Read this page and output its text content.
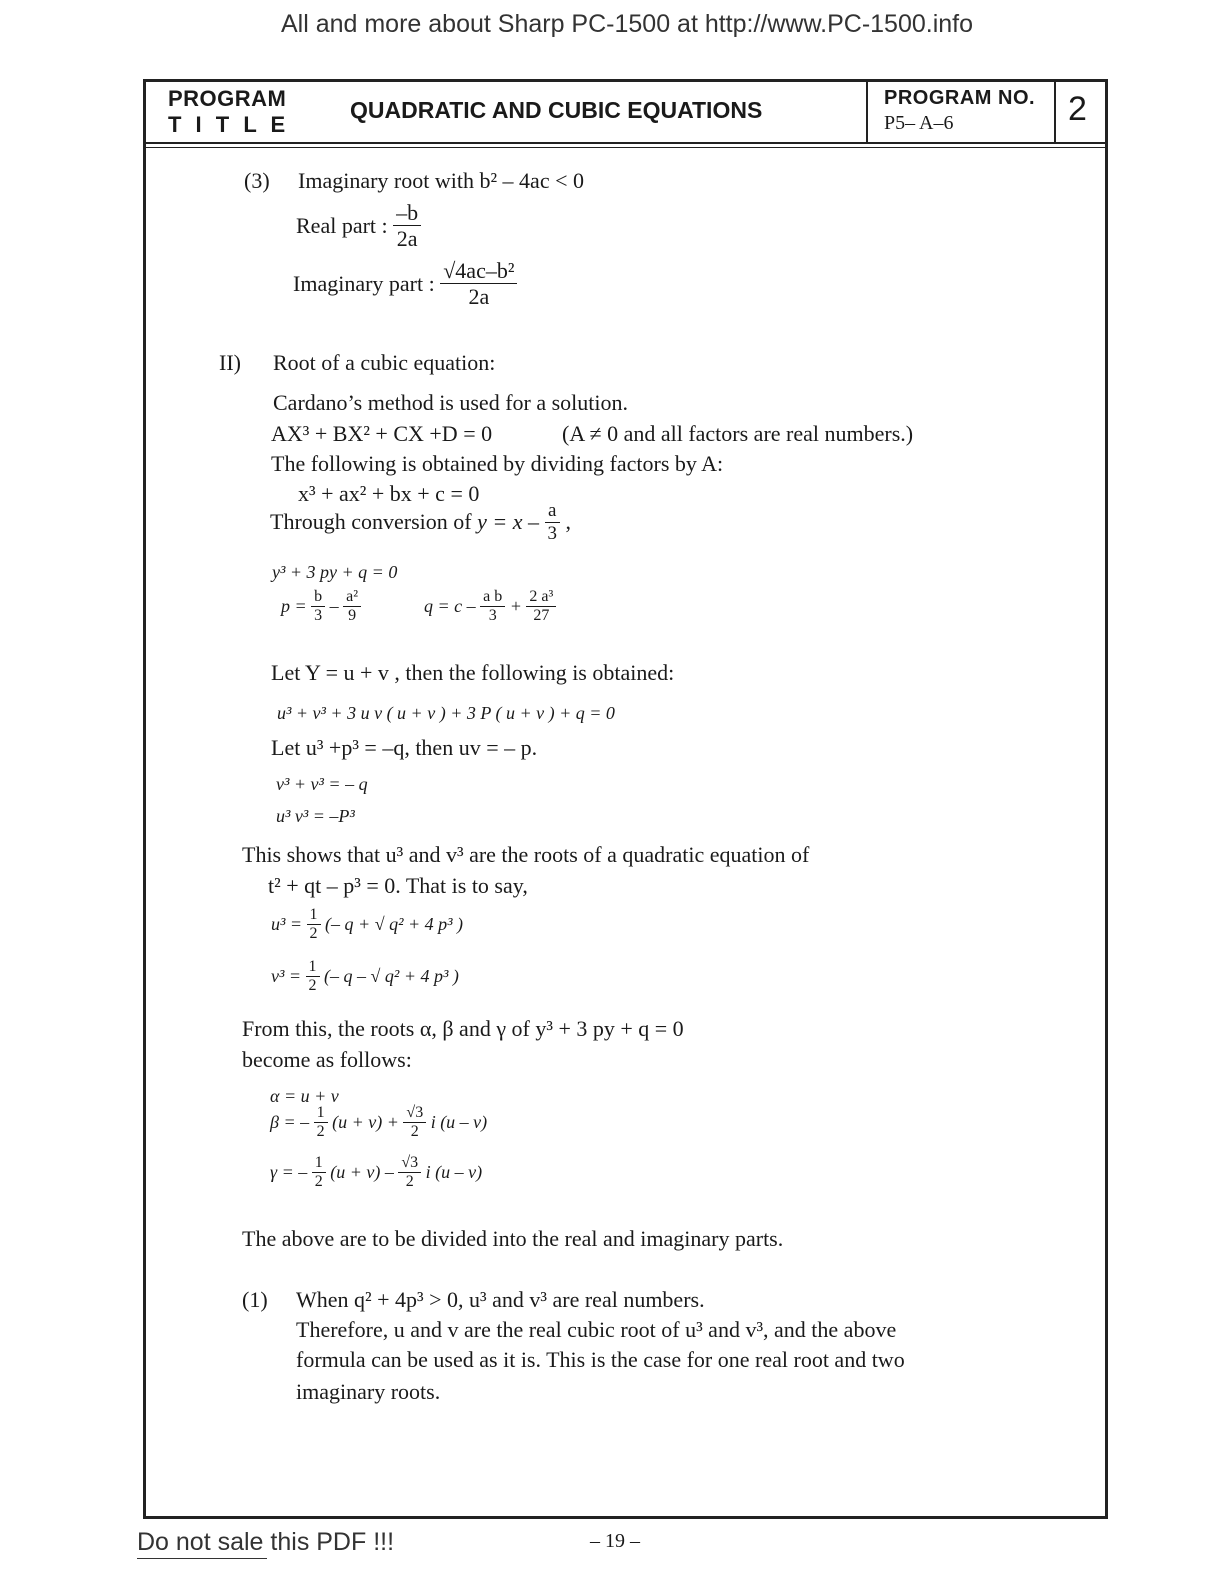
All and more about Sharp PC-1500 at http://www.PC-1500.info
PROGRAM
T I T L E
QUADRATIC AND CUBIC EQUATIONS	PROGRAM NO.
P5– A–6	2
(3) Imaginary root with b² – 4ac < 0
Real part : $\frac{-b}{2a}$
Imaginary part : $\frac{\text{√4ac–b²}}{2a}$
II) Root of a cubic equation:
Cardano’s method is used for a solution.
AX³ + BX² + CX +D = 0	(A ≠ 0 and all factors are real numbers.)
The following is obtained by dividing factors by A:
x³ + ax² + bx + c = 0
Through conversion of $y = x - \frac{a}{3}$ ,
y³ + 3 py + q = 0
$p = \frac{b}{3} - \frac{\text{a²}}{9}$	$q = c - \frac{\text{a b}}{3} + \frac{\text{2 a³}}{27}$
Let Y = u + v , then the following is obtained:
u³ + v³ + 3 u v ( u + v ) + 3 P ( u + v ) + q = 0
Let u³ +p³ = –q, then uv = – p.
v³ + v³ = – q
u³ v³ = –P³
This shows that u³ and v³ are the roots of a quadratic equation of
t² + qt – p³ = 0. That is to say,
$u^3 = \frac{1}{2}$ (– q + √ q² + 4 p³ )
$v^3 = \frac{1}{2}$ (– q – √ q² + 4 p³ )
From this, the roots α, β and γ of y³ + 3 py + q = 0
become as follows:
α = u + v
β = – $\frac{1}{2} (u + v) + \frac{√3}{2}$ i (u – v)
γ = – $\frac{1}{2} (u + v) - \frac{√3}{2}$ i (u – v)
The above are to be divided into the real and imaginary parts.
(1) When q² + 4p³ > 0, u³ and v³ are real numbers.
Therefore, u and v are the real cubic root of u³ and v³, and the above
formula can be used as it is. This is the case for one real root and two
imaginary roots.
Do not sale this PDF !!!	– 19 –
